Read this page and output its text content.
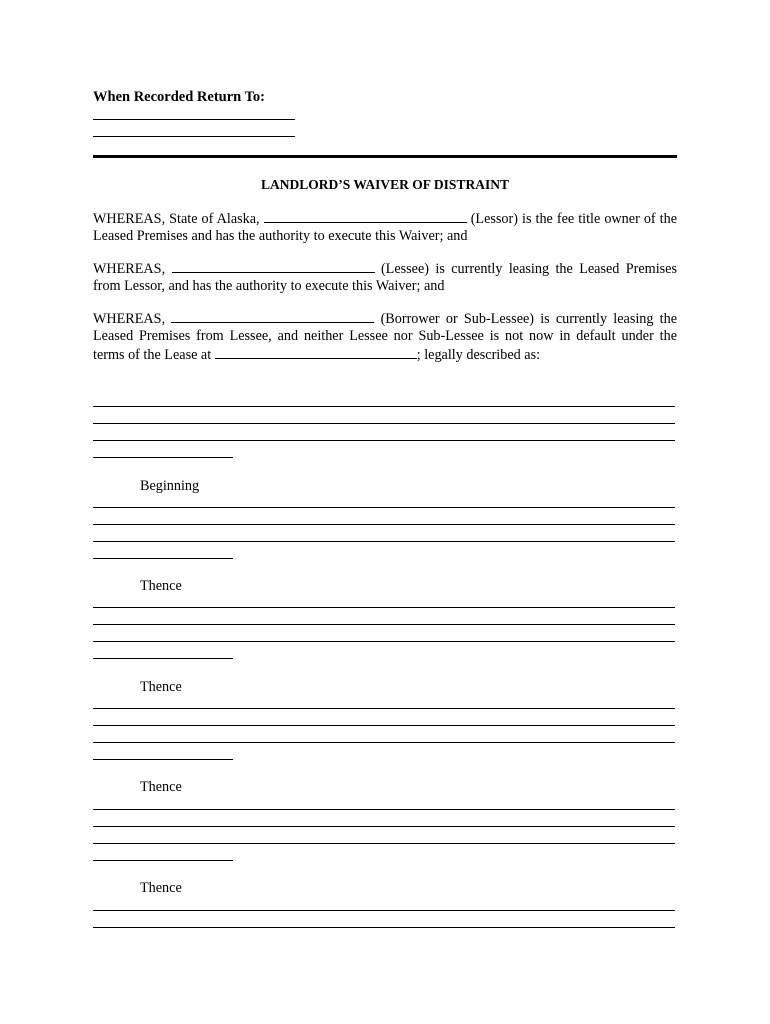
When Recorded Return To:
LANDLORD’S WAIVER OF DISTRAINT
WHEREAS, State of Alaska,	(Lessor) is the fee title owner of the Leased Premises and has the authority to execute this Waiver; and
WHEREAS,	(Lessee) is currently leasing the Leased Premises from Lessor, and has the authority to execute this Waiver; and
WHEREAS,	(Borrower or Sub-Lessee) is currently leasing the Leased Premises from Lessee, and neither Lessee nor Sub-Lessee is not now in default under the terms of the Lease at	; legally described as:
Beginning
Thence
Thence
Thence
Thence
